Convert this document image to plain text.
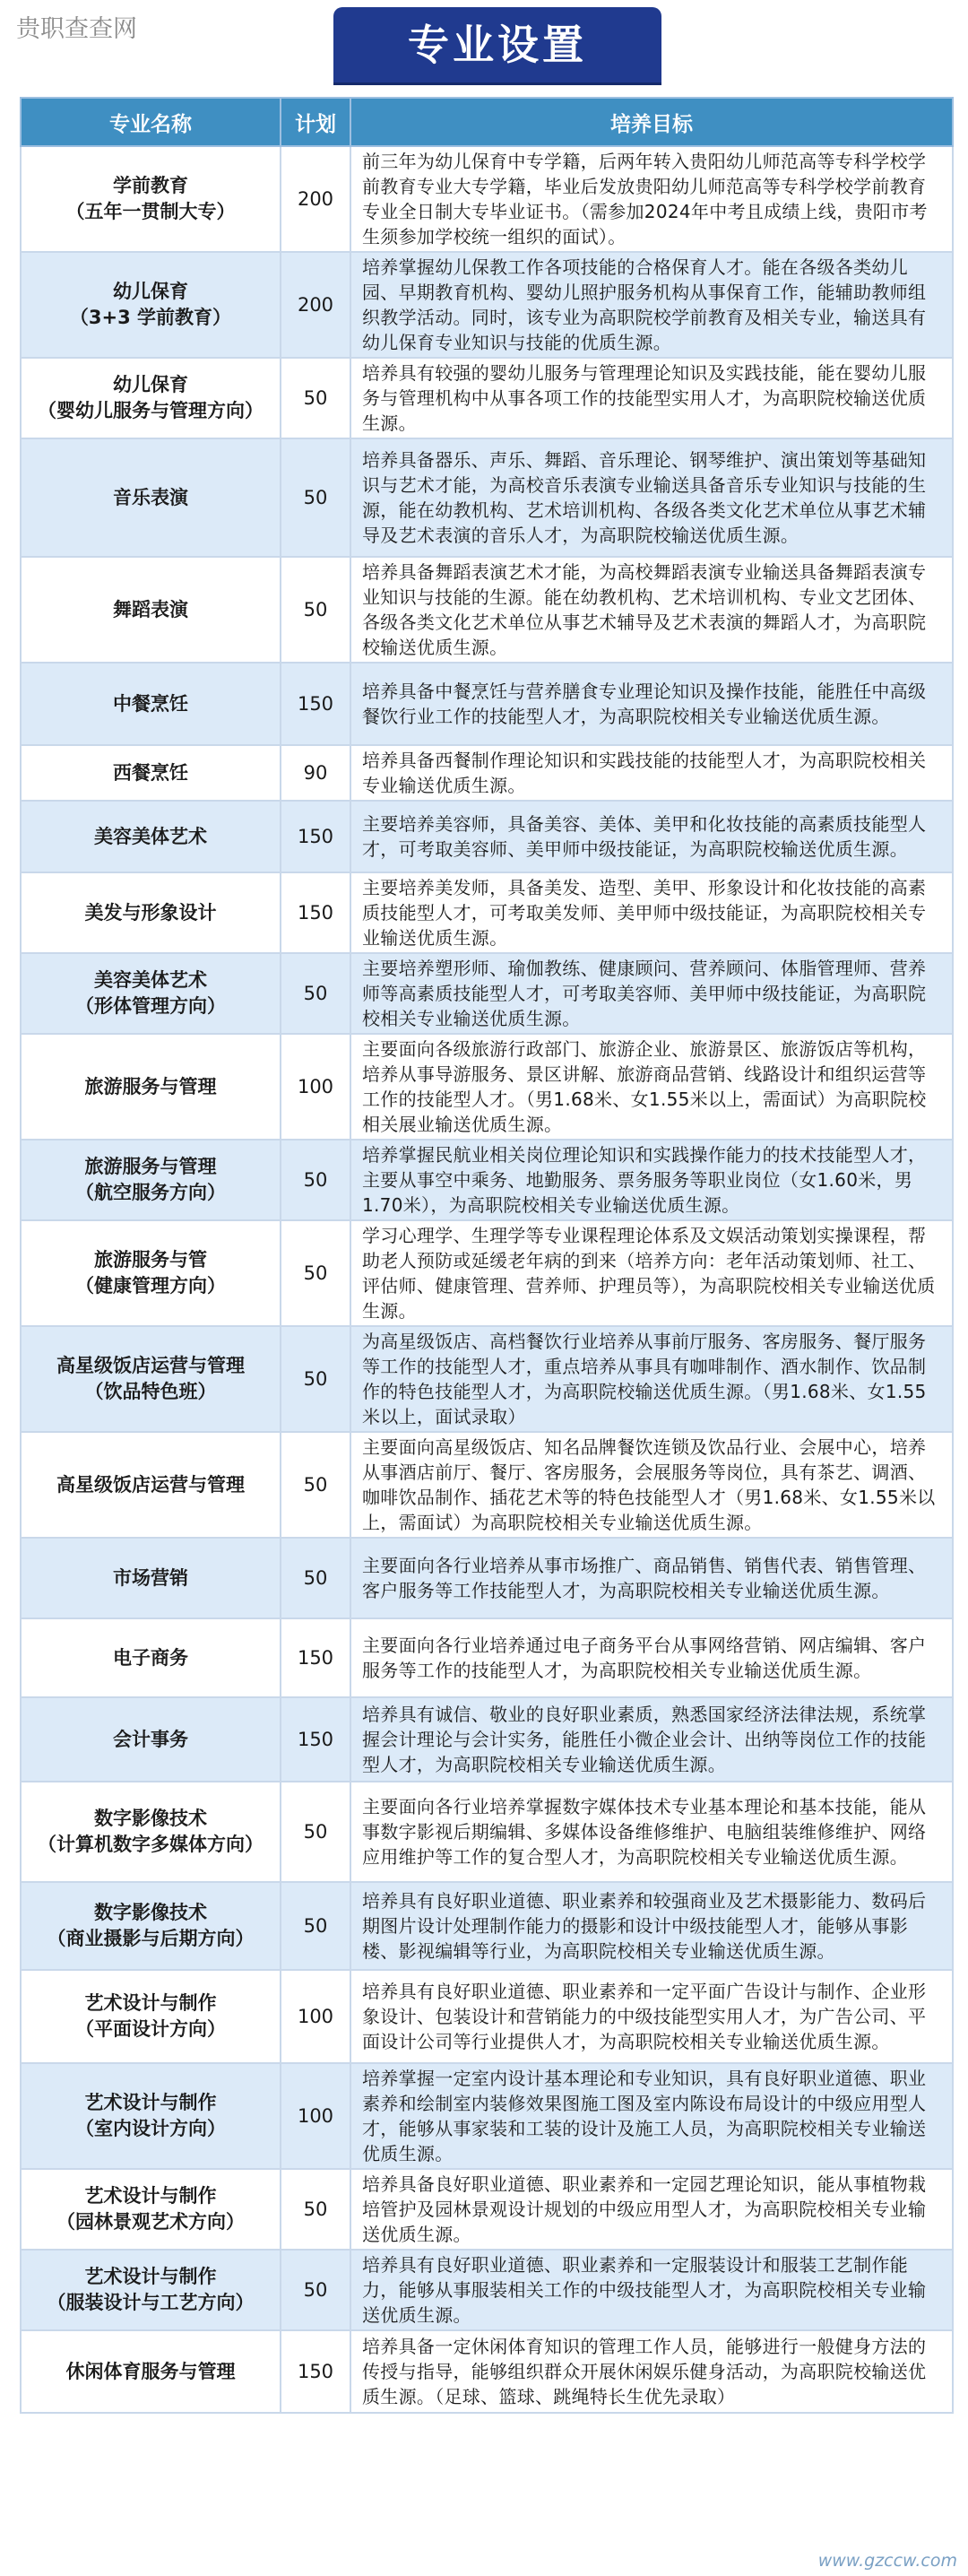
贵职查查网	专业设置
专业名称	计划	培养目标
学前教育
（五年一贯制大专）	200	前三年为幼儿保育中专学籍，后两年转入贵阳幼儿师范高等专科学校学前教育专业大专学籍，毕业后发放贵阳幼儿师范高等专科学校学前教育专业全日制大专毕业证书。（需参加2024年中考且成绩上线，贵阳市考生须参加学校统一组织的面试）。
幼儿保育
（3+3 学前教育）	200	培养掌握幼儿保教工作各项技能的合格保育人才。能在各级各类幼儿园、早期教育机构、婴幼儿照护服务机构从事保育工作，能辅助教师组织教学活动。同时，该专业为高职院校学前教育及相关专业，输送具有幼儿保育专业知识与技能的优质生源。
幼儿保育
（婴幼儿服务与管理方向）	50	培养具有较强的婴幼儿服务与管理理论知识及实践技能，能在婴幼儿服务与管理机构中从事各项工作的技能型实用人才，为高职院校输送优质生源。
音乐表演	50	培养具备器乐、声乐、舞蹈、音乐理论、钢琴维护、演出策划等基础知识与艺术才能，为高校音乐表演专业输送具备音乐专业知识与技能的生源，能在幼教机构、艺术培训机构、各级各类文化艺术单位从事艺术辅导及艺术表演的音乐人才，为高职院校输送优质生源。
舞蹈表演	50	培养具备舞蹈表演艺术才能，为高校舞蹈表演专业输送具备舞蹈表演专业知识与技能的生源。能在幼教机构、艺术培训机构、专业文艺团体、各级各类文化艺术单位从事艺术辅导及艺术表演的舞蹈人才，为高职院校输送优质生源。
中餐烹饪	150	培养具备中餐烹饪与营养膳食专业理论知识及操作技能，能胜任中高级餐饮行业工作的技能型人才，为高职院校相关专业输送优质生源。
西餐烹饪	90	培养具备西餐制作理论知识和实践技能的技能型人才，为高职院校相关专业输送优质生源。
美容美体艺术	150	主要培养美容师，具备美容、美体、美甲和化妆技能的高素质技能型人才，可考取美容师、美甲师中级技能证，为高职院校输送优质生源。
美发与形象设计	150	主要培养美发师，具备美发、造型、美甲、形象设计和化妆技能的高素质技能型人才，可考取美发师、美甲师中级技能证，为高职院校相关专业输送优质生源。
美容美体艺术
（形体管理方向）	50	主要培养塑形师、瑜伽教练、健康顾问、营养顾问、体脂管理师、营养师等高素质技能型人才，可考取美容师、美甲师中级技能证，为高职院校相关专业输送优质生源。
旅游服务与管理	100	主要面向各级旅游行政部门、旅游企业、旅游景区、旅游饭店等机构，培养从事导游服务、景区讲解、旅游商品营销、线路设计和组织运营等工作的技能型人才。（男1.68米、女1.55米以上，需面试）为高职院校相关展业输送优质生源。
旅游服务与管理
（航空服务方向）	50	培养掌握民航业相关岗位理论知识和实践操作能力的技术技能型人才，主要从事空中乘务、地勤服务、票务服务等职业岗位（女1.60米，男1.70米），为高职院校相关专业输送优质生源。
旅游服务与管
（健康管理方向）	50	学习心理学、生理学等专业课程理论体系及文娱活动策划实操课程，帮助老人预防或延缓老年病的到来（培养方向：老年活动策划师、社工、评估师、健康管理、营养师、护理员等），为高职院校相关专业输送优质生源。
高星级饭店运营与管理
（饮品特色班）	50	为高星级饭店、高档餐饮行业培养从事前厅服务、客房服务、餐厅服务等工作的技能型人才，重点培养从事具有咖啡制作、酒水制作、饮品制作的特色技能型人才，为高职院校输送优质生源。（男1.68米、女1.55米以上，面试录取）
高星级饭店运营与管理	50	主要面向高星级饭店、知名品牌餐饮连锁及饮品行业、会展中心，培养从事酒店前厅、餐厅、客房服务，会展服务等岗位，具有茶艺、调酒、咖啡饮品制作、插花艺术等的特色技能型人才（男1.68米、女1.55米以上，需面试）为高职院校相关专业输送优质生源。
市场营销	50	主要面向各行业培养从事市场推广、商品销售、销售代表、销售管理、客户服务等工作技能型人才，为高职院校相关专业输送优质生源。
电子商务	150	主要面向各行业培养通过电子商务平台从事网络营销、网店编辑、客户服务等工作的技能型人才，为高职院校相关专业输送优质生源。
会计事务	150	培养具有诚信、敬业的良好职业素质，熟悉国家经济法律法规，系统掌握会计理论与会计实务，能胜任小微企业会计、出纳等岗位工作的技能型人才，为高职院校相关专业输送优质生源。
数字影像技术
（计算机数字多媒体方向）	50	主要面向各行业培养掌握数字媒体技术专业基本理论和基本技能，能从事数字影视后期编辑、多媒体设备维修维护、电脑组装维修维护、网络应用维护等工作的复合型人才，为高职院校相关专业输送优质生源。
数字影像技术
（商业摄影与后期方向）	50	培养具有良好职业道德、职业素养和较强商业及艺术摄影能力、数码后期图片设计处理制作能力的摄影和设计中级技能型人才，能够从事影楼、影视编辑等行业，为高职院校相关专业输送优质生源。
艺术设计与制作
（平面设计方向）	100	培养具有良好职业道德、职业素养和一定平面广告设计与制作、企业形象设计、包装设计和营销能力的中级技能型实用人才，为广告公司、平面设计公司等行业提供人才，为高职院校相关专业输送优质生源。
艺术设计与制作
（室内设计方向）	100	培养掌握一定室内设计基本理论和专业知识，具有良好职业道德、职业素养和绘制室内装修效果图施工图及室内陈设布局设计的中级应用型人才，能够从事家装和工装的设计及施工人员，为高职院校相关专业输送优质生源。
艺术设计与制作
（园林景观艺术方向）	50	培养具备良好职业道德、职业素养和一定园艺理论知识，能从事植物栽培管护及园林景观设计规划的中级应用型人才，为高职院校相关专业输送优质生源。
艺术设计与制作
（服装设计与工艺方向）	50	培养具有良好职业道德、职业素养和一定服装设计和服装工艺制作能力，能够从事服装相关工作的中级技能型人才，为高职院校相关专业输送优质生源。
休闲体育服务与管理	150	培养具备一定休闲体育知识的管理工作人员，能够进行一般健身方法的传授与指导，能够组织群众开展休闲娱乐健身活动，为高职院校输送优质生源。（足球、篮球、跳绳特长生优先录取）
www.gzccw.com
